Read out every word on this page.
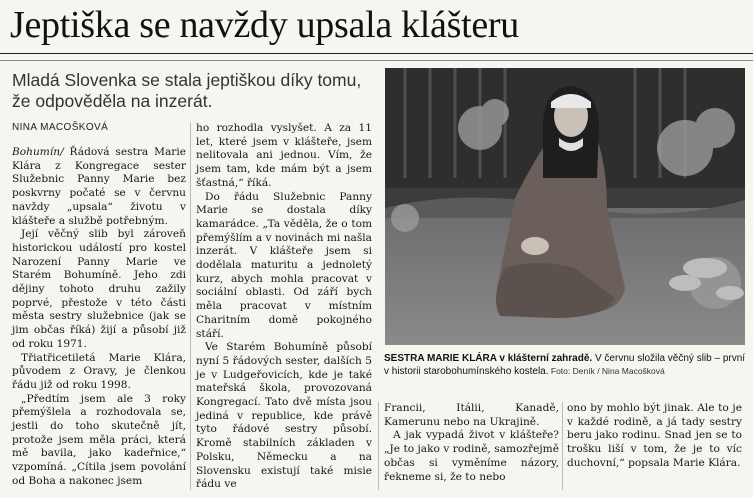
Jeptiška se navždy upsala klášteru
Mladá Slovenka se stala jeptiškou díky tomu, že odpověděla na inzerát.
NINA MACOŠKOVÁ

Bohumín/ Řádová sestra Marie Klára z Kongregace sester Služebnic Panny Marie bez poskvrny počaté se v červnu navždy „upsala“ životu v klášteře a službě potřebným.

Její věčný slib byl zároveň historickou událostí pro kostel Narození Panny Marie ve Starém Bohumíně. Jeho zdi dějiny tohoto druhu zažily poprvé, přestože v této části města sestry služebnice (jak se jim občas říká) žijí a působí již od roku 1971.

Třiatřicetiletá Marie Klára, původem z Oravy, je členkou řádu již od roku 1998.

„Předtím jsem ale 3 roky přemýšlela a rozhodovala se, jestli do toho skutečně jít, protože jsem měla práci, která mě bavila, jako kadeřnice,“ vzpomíná. „Cítila jsem povolání od Boha a nakonec jsem

ho rozhodla vyslyšet. A za 11 let, které jsem v klášteře, jsem nelitovala ani jednou. Vím, že jsem tam, kde mám být a jsem šťastná,“ říká.

Do řádu Služebnic Panny Marie se dostala díky kamarádce. „Ta věděla, že o tom přemýšlím a v novinách mi našla inzerát. V klášteře jsem si dodělala maturitu a jednoletý kurz, abych mohla pracovat v sociální oblasti. Od září bych měla pracovat v místním Charitním domě pokojného stáří.

Ve Starém Bohumíně působí nyní 5 řádových sester, dalších 5 je v Ludgeřovicích, kde je také mateřská škola, provozovaná Kongregací. Tato dvě místa jsou jediná v republice, kde právě tyto řádové sestry působí. Kromě stabilních základen v Polsku, Německu a na Slovensku existují také misie řádu ve

SESTRA MARIE KLÁRA v klášterní zahradě. V červnu složila věčný slib – první v historii starobohumínského kostela. Foto: Deník / Nina Macošková

Francii, Itálii, Kanadě, Kamerunu nebo na Ukrajině.

A jak vypadá život v klášteře? „Je to jako v rodině, samozřejmě občas si vyměníme názory, řekneme si, že to nebo

ono by mohlo být jinak. Ale to je v každé rodině, a já tady sestry beru jako rodinu. Snad jen se to trošku liší v tom, že je to víc duchovní,“ popsala Marie Klára.
